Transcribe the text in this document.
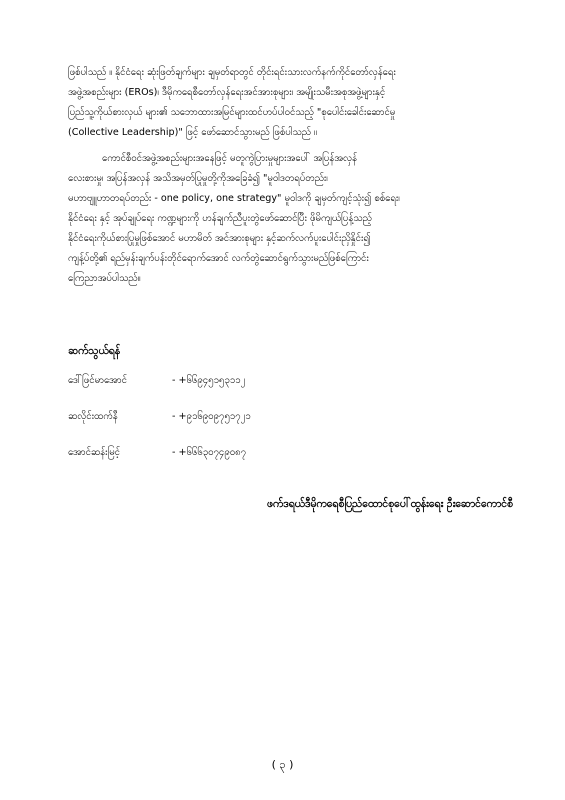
ဖြစ်ပါသည် ။ နိုင်ငံရေး ဆုံးဖြတ်ချက်များ ချမှတ်ရာတွင် တိုင်းရင်းသားလက်နက်ကိုင်တော်လှန်ရေး
အဖွဲ့အစည်းများ (EROs)၊ ဒီမိုကရေစီတော်လှန်ရေးအင်အားစုများ၊ အမျိုးသမီးအစုအဖွဲ့များနှင့်
ပြည်သူ့ကိုယ်စားလှယ် များ၏ သဘောထားအမြင်များထင်ဟပ်ပါဝင်သည့် "စုပေါင်းခေါင်းဆောင်မှု
(Collective Leadership)" ဖြင့် ဖော်ဆောင်သွားမည် ဖြစ်ပါသည် ။
ကောင်စီဝင်အဖွဲ့အစည်းများအနေဖြင့် မတူကွဲပြားမှုများအပေါ် အပြန်အလှန်
လေးစားမှု၊ အပြန်အလှန် အသိအမှတ်ပြုမှုတို့ကိုအခြေခံ၍ "မူဝါဒတရပ်တည်း၊
မဟာဗျူဟာတရပ်တည်း - one policy, one strategy" မူဝါဒကို ချမှတ်ကျင့်သုံး၍ စစ်ရေး၊
နိုင်ငံရေး နှင့် အုပ်ချုပ်ရေး ကဏ္ဍများကို ဟန်ချက်ညီပူးတွဲဖော်ဆောင်ပြီး ဖိုမိကျယ်ပြန့်သည့်
နိုင်ငံရေးကိုယ်စားပြုမှုဖြစ်အောင် မဟာမိတ် အင်အားစုများ နှင့်ဆက်လက်ပူးပေါင်းညှိနှိုင်း၍
ကျန့်ပ်တို့၏ ရည်မှန်းချက်ပန်းတိုင်ရောက်အောင် လက်တွဲဆောင်ရွက်သွားမည်ဖြစ်ကြောင်း
ကြေညာအပ်ပါသည်။
ဆက်သွယ်ရန်
ဒေါ်ဖြင်မာအောင်	- +၆၆၉၄၅၁၅၃၁၁၂
ဆလိုင်းထက်နီ	- +၉၁၆၉၀၉၇၅၁၇၂၁
အောင်ဆန်းမြင့်	- +၆၆၆၃၀၇၄၉၀၈၇
ဖက်ဒရယ်ဒီမိုကရေစီပြည်ထောင်စုပေါ်ထွန်းရေး ဦးဆောင်ကောင်စီ
( ၃ )
